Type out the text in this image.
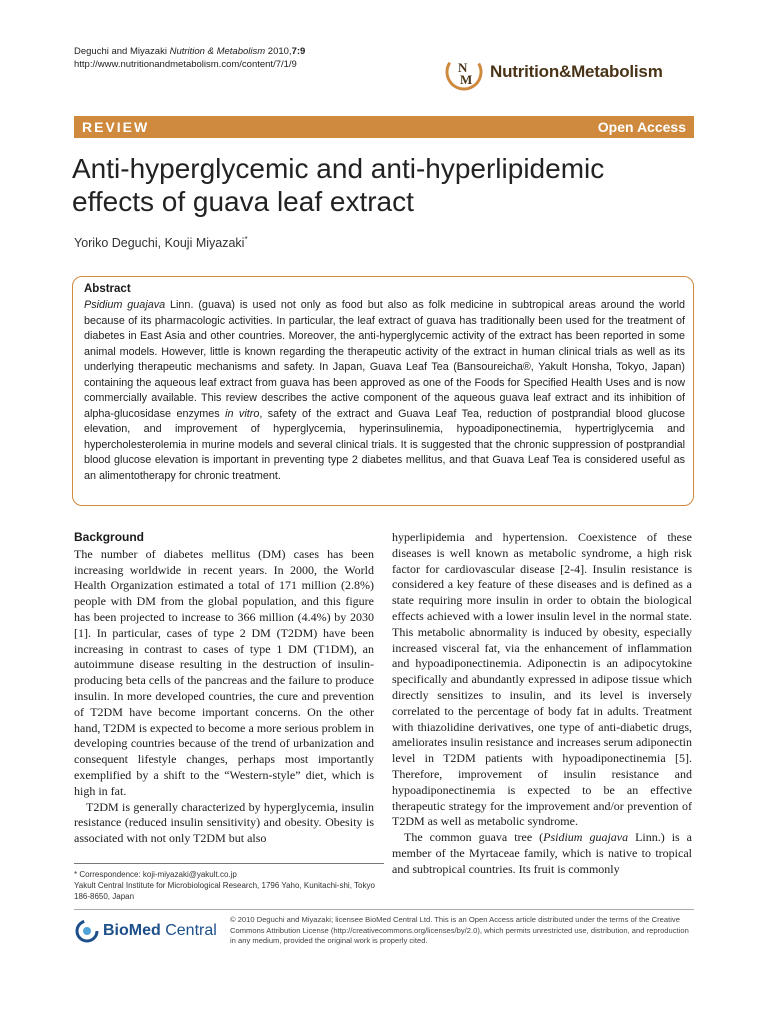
Deguchi and Miyazaki Nutrition & Metabolism 2010,7:9
http://www.nutritionandmetabolism.com/content/7/1/9	N
M Nutrition&Metabolism
REVIEW	Open Access
Anti-hyperglycemic and anti-hyperlipidemic effects of guava leaf extract
Yoriko Deguchi, Kouji Miyazaki*
Abstract
Psidium guajava Linn. (guava) is used not only as food but also as folk medicine in subtropical areas around the world because of its pharmacologic activities. In particular, the leaf extract of guava has traditionally been used for the treatment of diabetes in East Asia and other countries. Moreover, the anti-hyperglycemic activity of the extract has been reported in some animal models. However, little is known regarding the therapeutic activity of the extract in human clinical trials as well as its underlying therapeutic mechanisms and safety. In Japan, Guava Leaf Tea (Bansoureicha®, Yakult Honsha, Tokyo, Japan) containing the aqueous leaf extract from guava has been approved as one of the Foods for Specified Health Uses and is now commercially available. This review describes the active component of the aqueous guava leaf extract and its inhibition of alpha-glucosidase enzymes in vitro, safety of the extract and Guava Leaf Tea, reduction of postprandial blood glucose elevation, and improvement of hyperglycemia, hyperinsulinemia, hypoadiponectinemia, hypertriglycemia and hypercholesterolemia in murine models and several clinical trials. It is suggested that the chronic suppression of postprandial blood glucose elevation is important in preventing type 2 diabetes mellitus, and that Guava Leaf Tea is considered useful as an alimentotherapy for chronic treatment.
Background

The number of diabetes mellitus (DM) cases has been increasing worldwide in recent years. In 2000, the World Health Organization estimated a total of 171 million (2.8%) people with DM from the global population, and this figure has been projected to increase to 366 million (4.4%) by 2030 [1]. In particular, cases of type 2 DM (T2DM) have been increasing in contrast to cases of type 1 DM (T1DM), an autoimmune disease resulting in the destruction of insulin-producing beta cells of the pancreas and the failure to produce insulin. In more developed countries, the cure and prevention of T2DM have become important concerns. On the other hand, T2DM is expected to become a more serious problem in developing countries because of the trend of urbanization and consequent lifestyle changes, perhaps most importantly exemplified by a shift to the “Western-style” diet, which is high in fat.

T2DM is generally characterized by hyperglycemia, insulin resistance (reduced insulin sensitivity) and obesity. Obesity is associated with not only T2DM but also

hyperlipidemia and hypertension. Coexistence of these diseases is well known as metabolic syndrome, a high risk factor for cardiovascular disease [2-4]. Insulin resistance is considered a key feature of these diseases and is defined as a state requiring more insulin in order to obtain the biological effects achieved with a lower insulin level in the normal state. This metabolic abnormality is induced by obesity, especially increased visceral fat, via the enhancement of inflammation and hypoadiponectinemia. Adiponectin is an adipocytokine specifically and abundantly expressed in adipose tissue which directly sensitizes to insulin, and its level is inversely correlated to the percentage of body fat in adults. Treatment with thiazolidine derivatives, one type of anti-diabetic drugs, ameliorates insulin resistance and increases serum adiponectin level in T2DM patients with hypoadiponectinemia [5]. Therefore, improvement of insulin resistance and hypoadiponectinemia is expected to be an effective therapeutic strategy for the improvement and/or prevention of T2DM as well as metabolic syndrome.

The common guava tree (Psidium guajava Linn.) is a member of the Myrtaceae family, which is native to tropical and subtropical countries. Its fruit is commonly

* Correspondence: koji-miyazaki@yakult.co.jp
Yakult Central Institute for Microbiological Research, 1796 Yaho, Kunitachi-shi, Tokyo 186-8650, Japan
BioMed Central
© 2010 Deguchi and Miyazaki; licensee BioMed Central Ltd. This is an Open Access article distributed under the terms of the Creative Commons Attribution License (http://creativecommons.org/licenses/by/2.0), which permits unrestricted use, distribution, and reproduction in any medium, provided the original work is properly cited.
